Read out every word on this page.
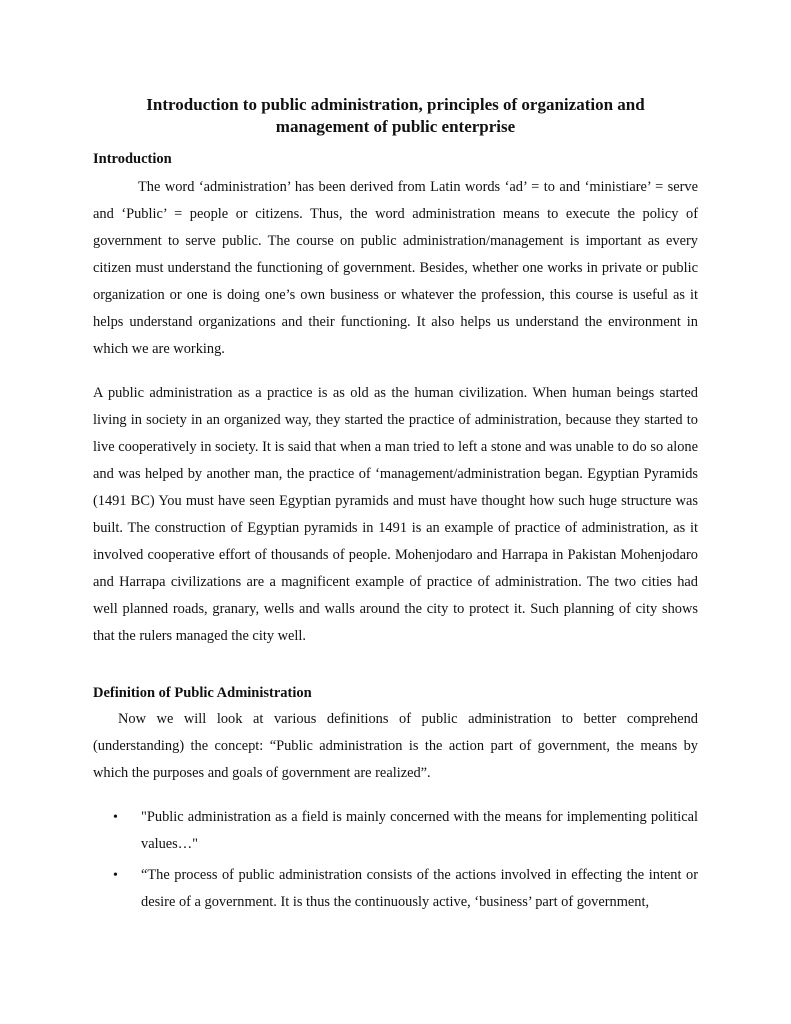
Introduction to public administration, principles of organization and
management of public enterprise
Introduction
The word ‘administration’ has been derived from Latin words ‘ad’ = to and ‘ministiare’ = serve and ‘Public’ = people or citizens. Thus, the word administration means to execute the policy of government to serve public. The course on public administration/management is important as every citizen must understand the functioning of government. Besides, whether one works in private or public organization or one is doing one’s own business or whatever the profession, this course is useful as it helps understand organizations and their functioning. It also helps us understand the environment in which we are working.
A public administration as a practice is as old as the human civilization. When human beings started living in society in an organized way, they started the practice of administration, because they started to live cooperatively in society. It is said that when a man tried to left a stone and was unable to do so alone and was helped by another man, the practice of ‘management/administration began. Egyptian Pyramids (1491 BC) You must have seen Egyptian pyramids and must have thought how such huge structure was built. The construction of Egyptian pyramids in 1491 is an example of practice of administration, as it involved cooperative effort of thousands of people. Mohenjodaro and Harrapa in Pakistan Mohenjodaro and Harrapa civilizations are a magnificent example of practice of administration. The two cities had well planned roads, granary, wells and walls around the city to protect it. Such planning of city shows that the rulers managed the city well.
Definition of Public Administration
Now we will look at various definitions of public administration to better comprehend (understanding) the concept: “Public administration is the action part of government, the means by which the purposes and goals of government are realized”.
• "Public administration as a field is mainly concerned with the means for implementing political values…"
• “The process of public administration consists of the actions involved in effecting the intent or desire of a government. It is thus the continuously active, ‘business’ part of government,
